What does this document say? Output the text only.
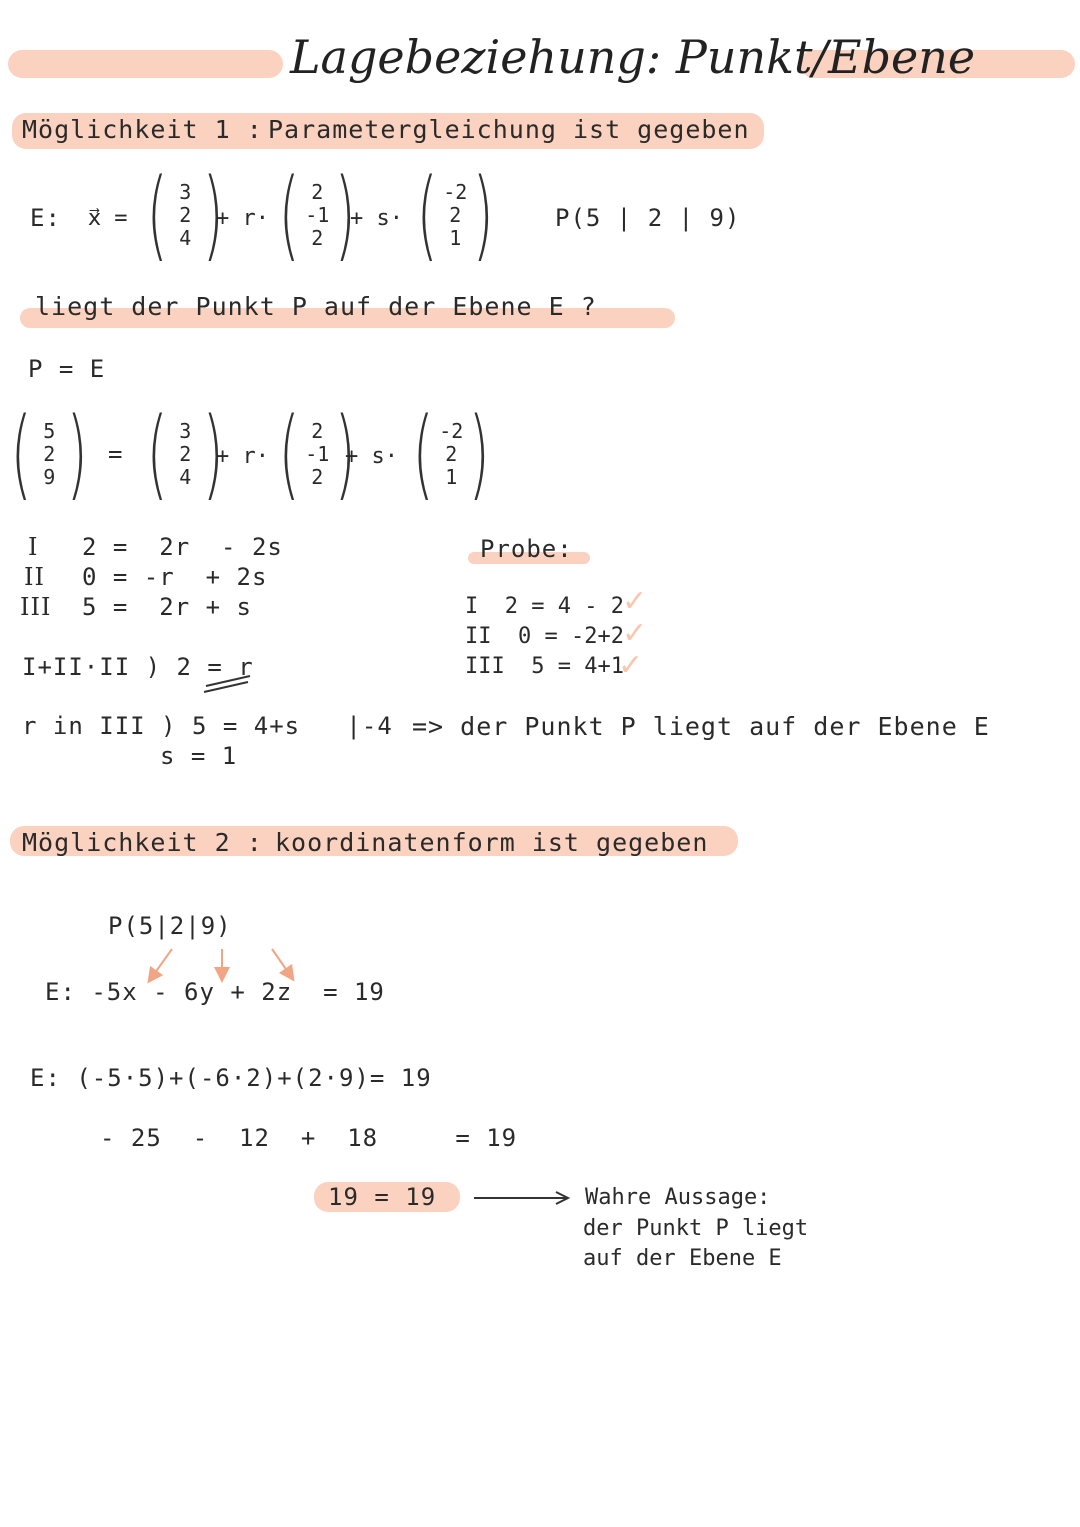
Lagebeziehung: Punkt/Ebene
Möglichkeit 1 : Parametergleichung ist gegeben
E: x⃗ = ( 3
2
4 )
+ r· ( 2
-1
2 )
+ s· ( -2
2
1 )	P(5 | 2 | 9)
liegt der Punkt P auf der Ebene E ?
P = E
( 5
2
9 ) = ( 3
2
4 )
+ r· ( 2
-1
2 )
+ s· ( -2
2
1 )
I 2 =  2r  - 2s
II 0 = -r  + 2s
III 5 =  2r + s
I+II·II ) 2 = r
r in III ) 5 = 4+s   |-4
s = 1
Probe:
I  2 = 4 - 2
II  0 = -2+2
III  5 = 4+1
✓
✓
✓
=> der Punkt P liegt auf der Ebene E
Möglichkeit 2 : koordinatenform ist gegeben
P(5|2|9)
E: -5x - 6y + 2z  = 19
E: (-5·5)+(-6·2)+(2·9)= 19
- 25  -  12  +  18     = 19
19 = 19	Wahre Aussage:
der Punkt P liegt
auf der Ebene E
